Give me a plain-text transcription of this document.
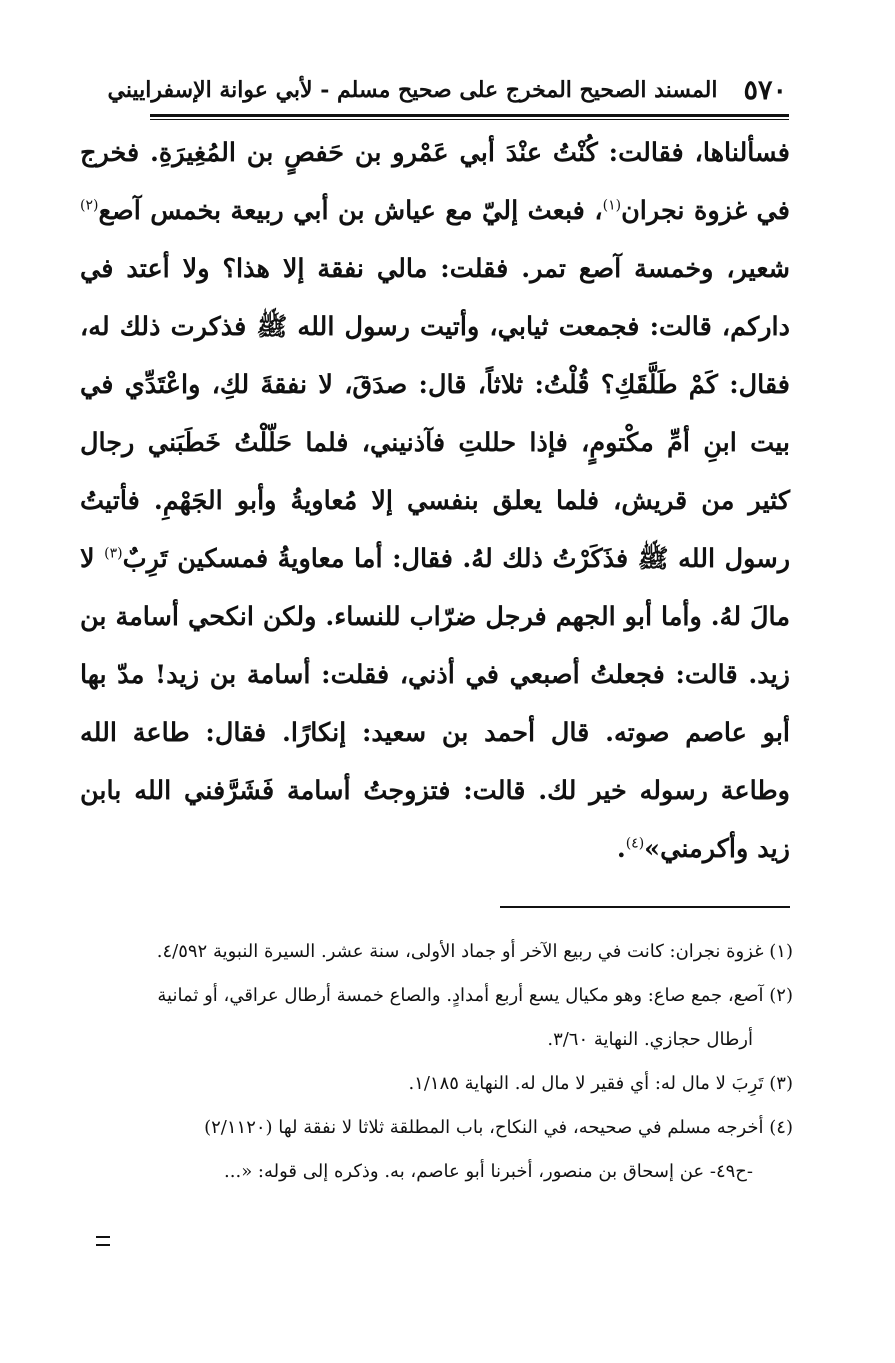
٥٧٠
المسند الصحيح المخرج على صحيح مسلم - لأبي عوانة الإسفراييني

فسألناها، فقالت: كُنْتُ عنْدَ أبي عَمْرو بن حَفصٍ بن المُغِيرَةِ. فخرج في غزوة نجران$^{(١)}$، فبعث إليّ مع عياش بن أبي ربيعة بخمس آصع$^{(٢)}$ شعير، وخمسة آصع تمر. فقلت: مالي نفقة إلا هذا؟ ولا أعتد في داركم، قالت: فجمعت ثيابي، وأتيت رسول الله ﷺ فذكرت ذلك له، فقال: كَمْ طَلَّقَكِ؟ قُلْتُ: ثلاثاً، قال: صدَقَ، لا نفقةَ لكِ، واعْتَدِّي في بيت ابنِ أمِّ مكْتومٍ، فإذا حللتِ فآذنيني، فلما حَلّلْتُ خَطَبَني رجال كثير من قريش، فلما يعلق بنفسي إلا مُعاويةُ وأبو الجَهْمِ. فأتيتُ رسول الله ﷺ فذَكَرْتُ ذلك لهُ. فقال: أما معاويةُ فمسكين تَرِبٌ$^{(٣)}$ لا مالَ لهُ. وأما أبو الجهم فرجل ضرّاب للنساء. ولكن انكحي أسامة بن زيد. قالت: فجعلتُ أصبعي في أذني، فقلت: أسامة بن زيد! مدّ بها أبو عاصم صوته. قال أحمد بن سعيد: إنكارًا. فقال: طاعة الله وطاعة رسوله خير لك. قالت: فتزوجتُ أسامة فَشَرَّفني الله بابن زيد وأكرمني»$^{(٤)}$.

(١) غزوة نجران: كانت في ربيع الآخر أو جماد الأولى، سنة عشر. السيرة النبوية ٤/٥٩٢.

(٢) آصع، جمع صاع: وهو مكيال يسع أربع أمدادٍ. والصاع خمسة أرطال عراقي، أو ثمانية
أرطال حجازي. النهاية ٣/٦٠.

(٣) تَرِبَ لا مال له: أي فقير لا مال له. النهاية ١/١٨٥.

(٤) أخرجه مسلم في صحيحه، في النكاح، باب المطلقة ثلاثا لا نفقة لها (٢/١١٢٠)
-ح٤٩- عن إسحاق بن منصور، أخبرنا أبو عاصم، به. وذكره إلى قوله: «...
